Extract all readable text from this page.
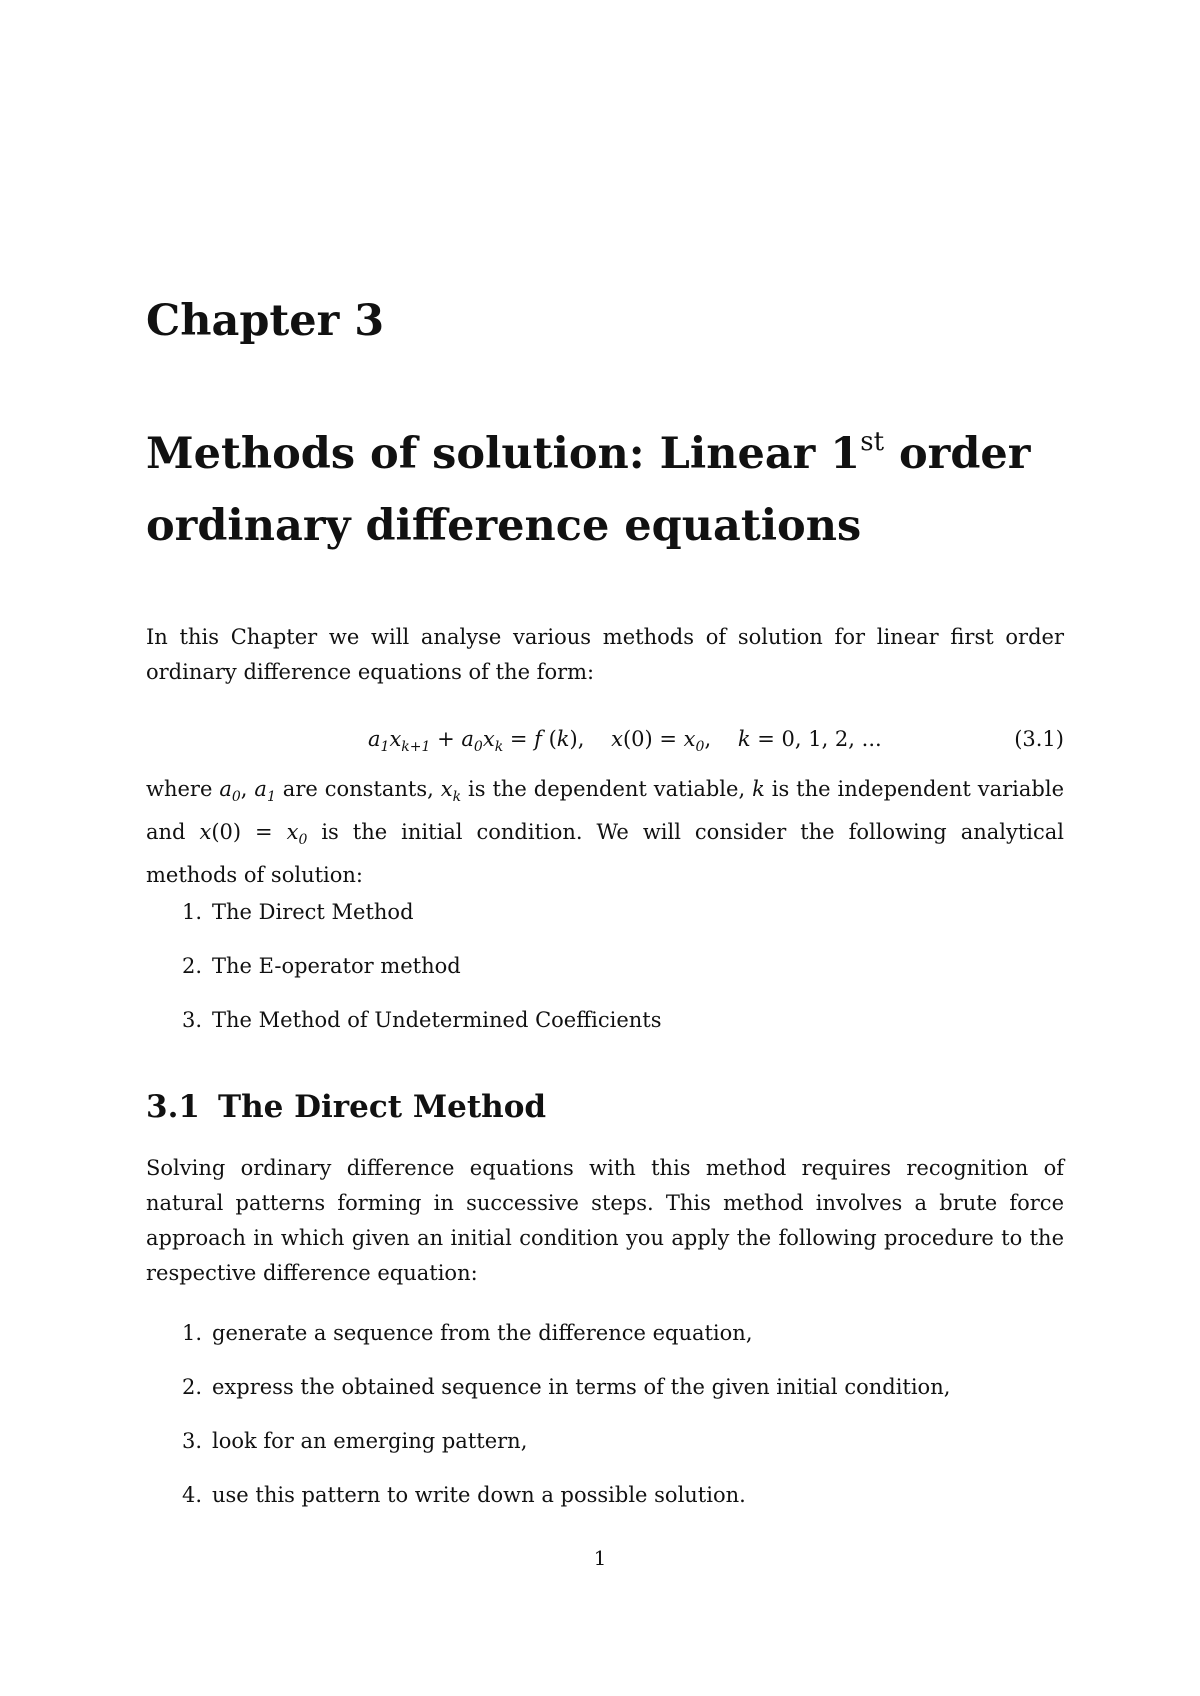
Chapter 3
Methods of solution: Linear 1st order
ordinary difference equations

In this Chapter we will analyse various methods of solution for linear first order ordinary difference equations of the form:

$a_1x_{k+1} + a_0x_k = f$ (k),    $x(0) = x_0$,    k = 0, 1, 2, ...	(3.1)

where $a_0$, $a_1$ are constants, $x_k$ is the dependent vatiable, k is the independent variable and $x(0) = x_0$ is the initial condition. We will consider the following analytical methods of solution:

1. The Direct Method
2. The E-operator method
3. The Method of Undetermined Coefficients
3.1 The Direct Method

Solving ordinary difference equations with this method requires recognition of natural patterns forming in successive steps. This method involves a brute force approach in which given an initial condition you apply the following procedure to the respective difference equation:

1. generate a sequence from the difference equation,
2. express the obtained sequence in terms of the given initial condition,
3. look for an emerging pattern,
4. use this pattern to write down a possible solution.
1
